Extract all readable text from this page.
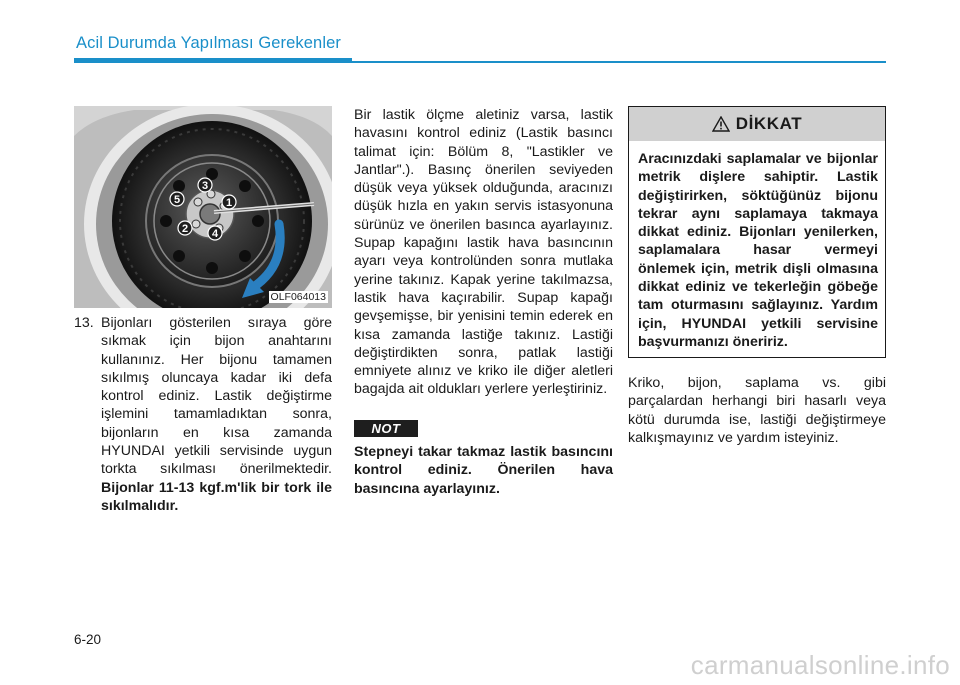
Acil Durumda Yapılması Gerekenler
1
2
3
4
5
OLF064013
13. Bijonları gösterilen sıraya göre sıkmak için bijon anahtarını kullanınız. Her bijonu tamamen sıkılmış oluncaya kadar iki defa kontrol ediniz. Lastik değiştirme işlemini tamamladıktan sonra, bijonların en kısa zamanda HYUNDAI yetkili servisinde uygun torkta sıkılması önerilmektedir. Bijonlar 11-13 kgf.m'lik bir tork ile sıkılmalıdır.

Bir lastik ölçme aletiniz varsa, lastik havasını kontrol ediniz (Lastik basıncı talimat için: Bölüm 8, "Lastikler ve Jantlar".). Basınç önerilen seviyeden düşük veya yüksek olduğunda, aracınızı düşük hızla en yakın servis istasyonuna sürünüz ve önerilen basınca ayarlayınız. Supap kapağını lastik hava basıncının ayarı veya kontrolünden sonra mutlaka yerine takınız. Kapak yerine takılmazsa, lastik hava kaçırabilir. Supap kapağı gevşemişse, bir yenisini temin ederek en kısa zamanda lastiğe takınız. Lastiği değiştirdikten sonra, patlak lastiği emniyete alınız ve kriko ile diğer aletleri bagajda ait oldukları yerlere yerleştiriniz.

NOT

Stepneyi takar takmaz lastik basıncını kontrol ediniz. Önerilen hava basıncına ayarlayınız.

DİKKAT

Aracınızdaki saplamalar ve bijonlar metrik dişlere sahiptir. Lastik değiştirirken, söktüğünüz bijonu tekrar aynı saplamaya takmaya dikkat ediniz. Bijonları yenilerken, saplamalara hasar vermeyi önlemek için, metrik dişli olmasına dikkat ediniz ve tekerleğin göbeğe tam oturmasını sağlayınız. Yardım için, HYUNDAI yetkili servisine başvurmanızı öneririz.

Kriko, bijon, saplama vs. gibi parçalardan herhangi biri hasarlı veya kötü durumda ise, lastiği değiştirmeye kalkışmayınız ve yardım isteyiniz.

6-20
carmanualsonline.info
